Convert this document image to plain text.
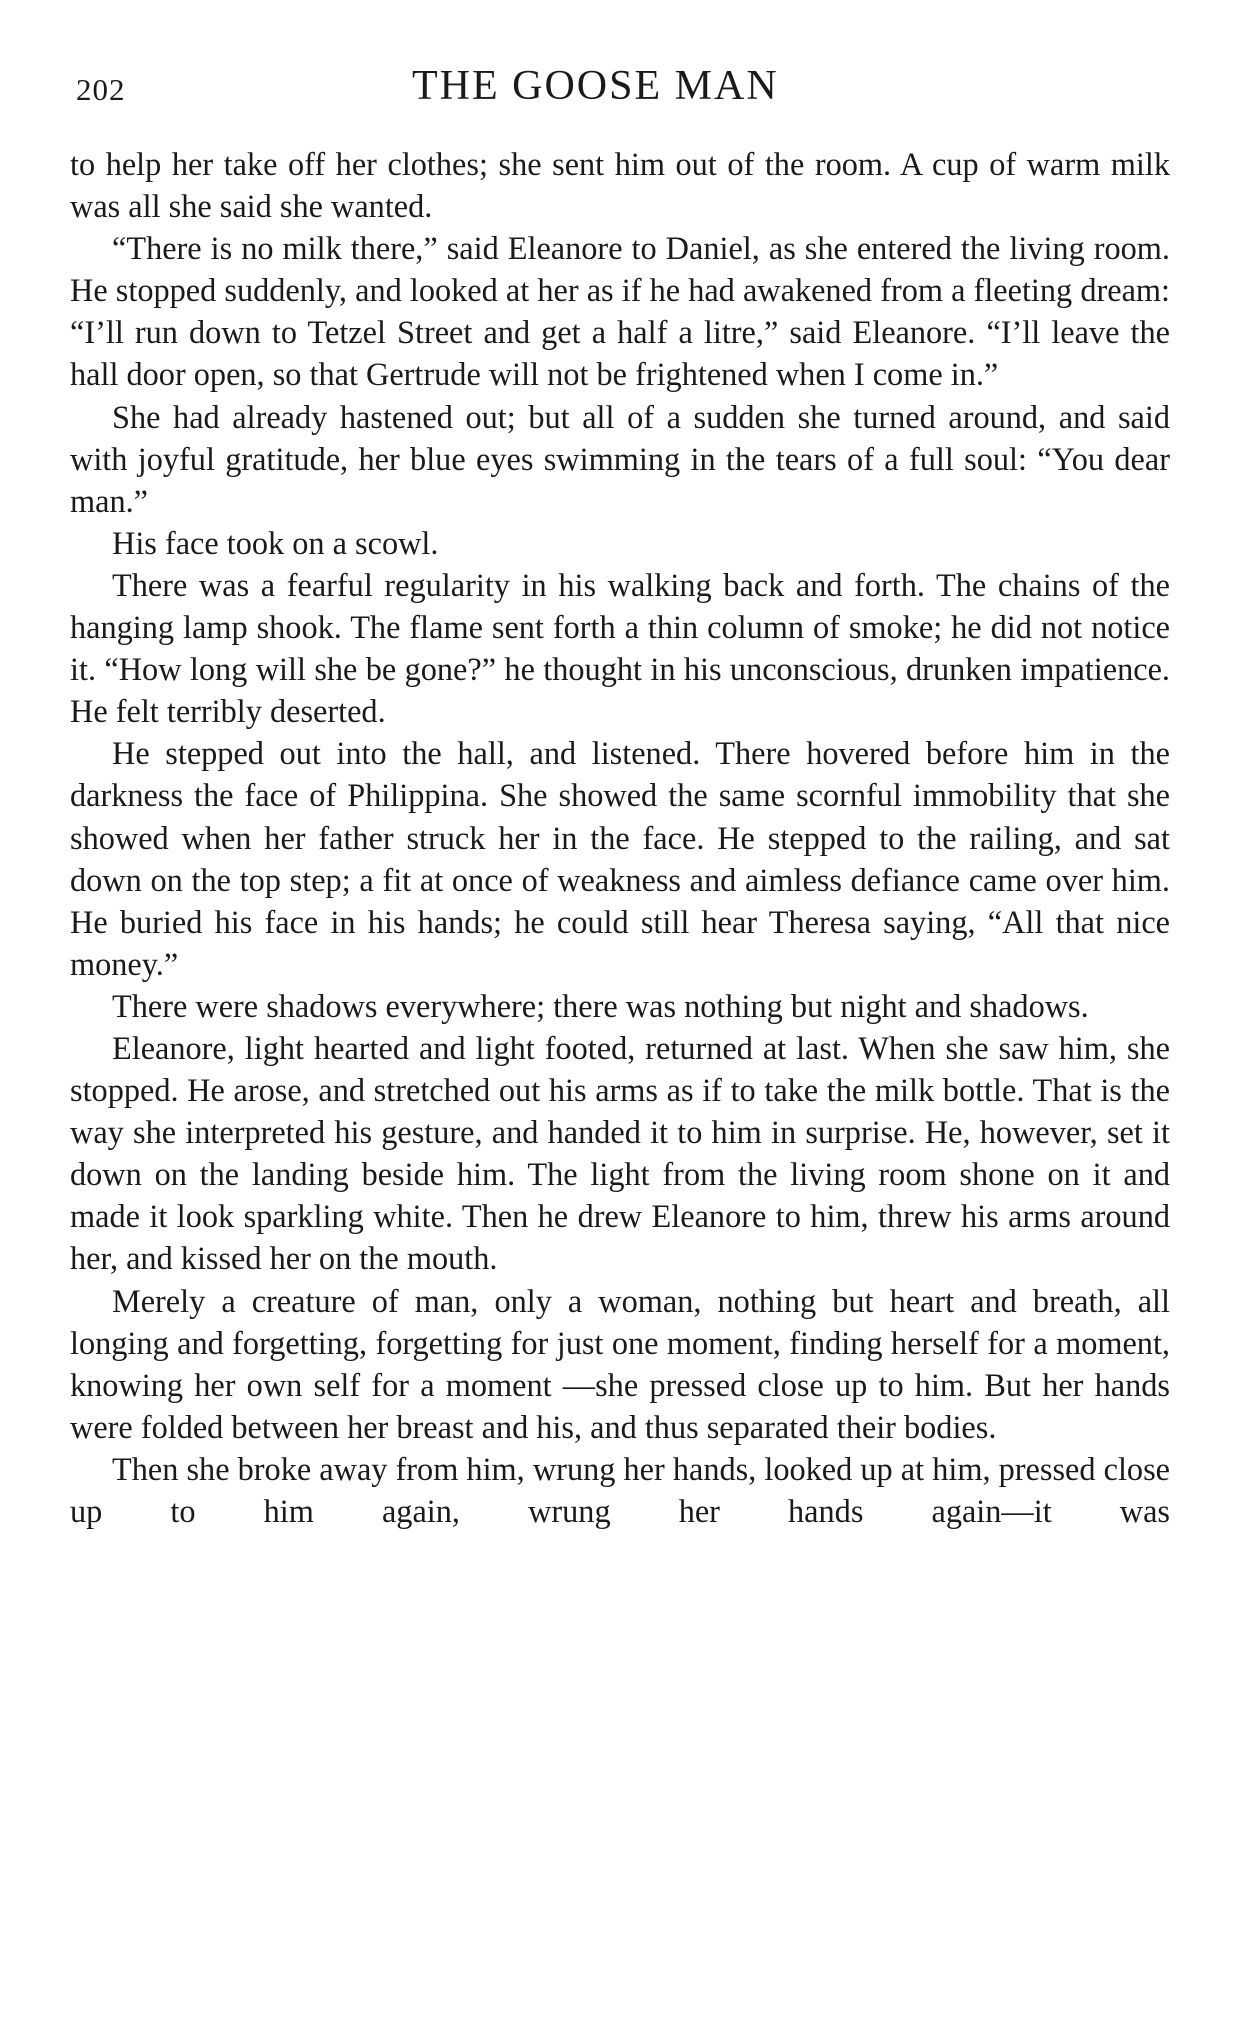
202	THE GOOSE MAN

to help her take off her clothes; she sent him out of the room. A cup of warm milk was all she said she wanted.

“There is no milk there,” said Eleanore to Daniel, as she entered the living room. He stopped suddenly, and looked at her as if he had awakened from a fleeting dream: “I’ll run down to Tetzel Street and get a half a litre,” said Eleanore. “I’ll leave the hall door open, so that Gertrude will not be frightened when I come in.”

She had already hastened out; but all of a sudden she turned around, and said with joyful gratitude, her blue eyes swimming in the tears of a full soul: “You dear man.”

His face took on a scowl.

There was a fearful regularity in his walking back and forth. The chains of the hanging lamp shook. The flame sent forth a thin column of smoke; he did not notice it. “How long will she be gone?” he thought in his unconscious, drunken impatience. He felt terribly deserted.

He stepped out into the hall, and listened. There hovered before him in the darkness the face of Philippina. She showed the same scornful immobility that she showed when her father struck her in the face. He stepped to the railing, and sat down on the top step; a fit at once of weakness and aimless defiance came over him. He buried his face in his hands; he could still hear Theresa saying, “All that nice money.”

There were shadows everywhere; there was nothing but night and shadows.

Eleanore, light hearted and light footed, returned at last. When she saw him, she stopped. He arose, and stretched out his arms as if to take the milk bottle. That is the way she interpreted his gesture, and handed it to him in surprise. He, however, set it down on the landing beside him. The light from the living room shone on it and made it look sparkling white. Then he drew Eleanore to him, threw his arms around her, and kissed her on the mouth.

Merely a creature of man, only a woman, nothing but heart and breath, all longing and forgetting, forgetting for just one moment, finding herself for a moment, knowing her own self for a moment —she pressed close up to him. But her hands were folded between her breast and his, and thus separated their bodies.

Then she broke away from him, wrung her hands, looked up at him, pressed close up to him again, wrung her hands again—it was
